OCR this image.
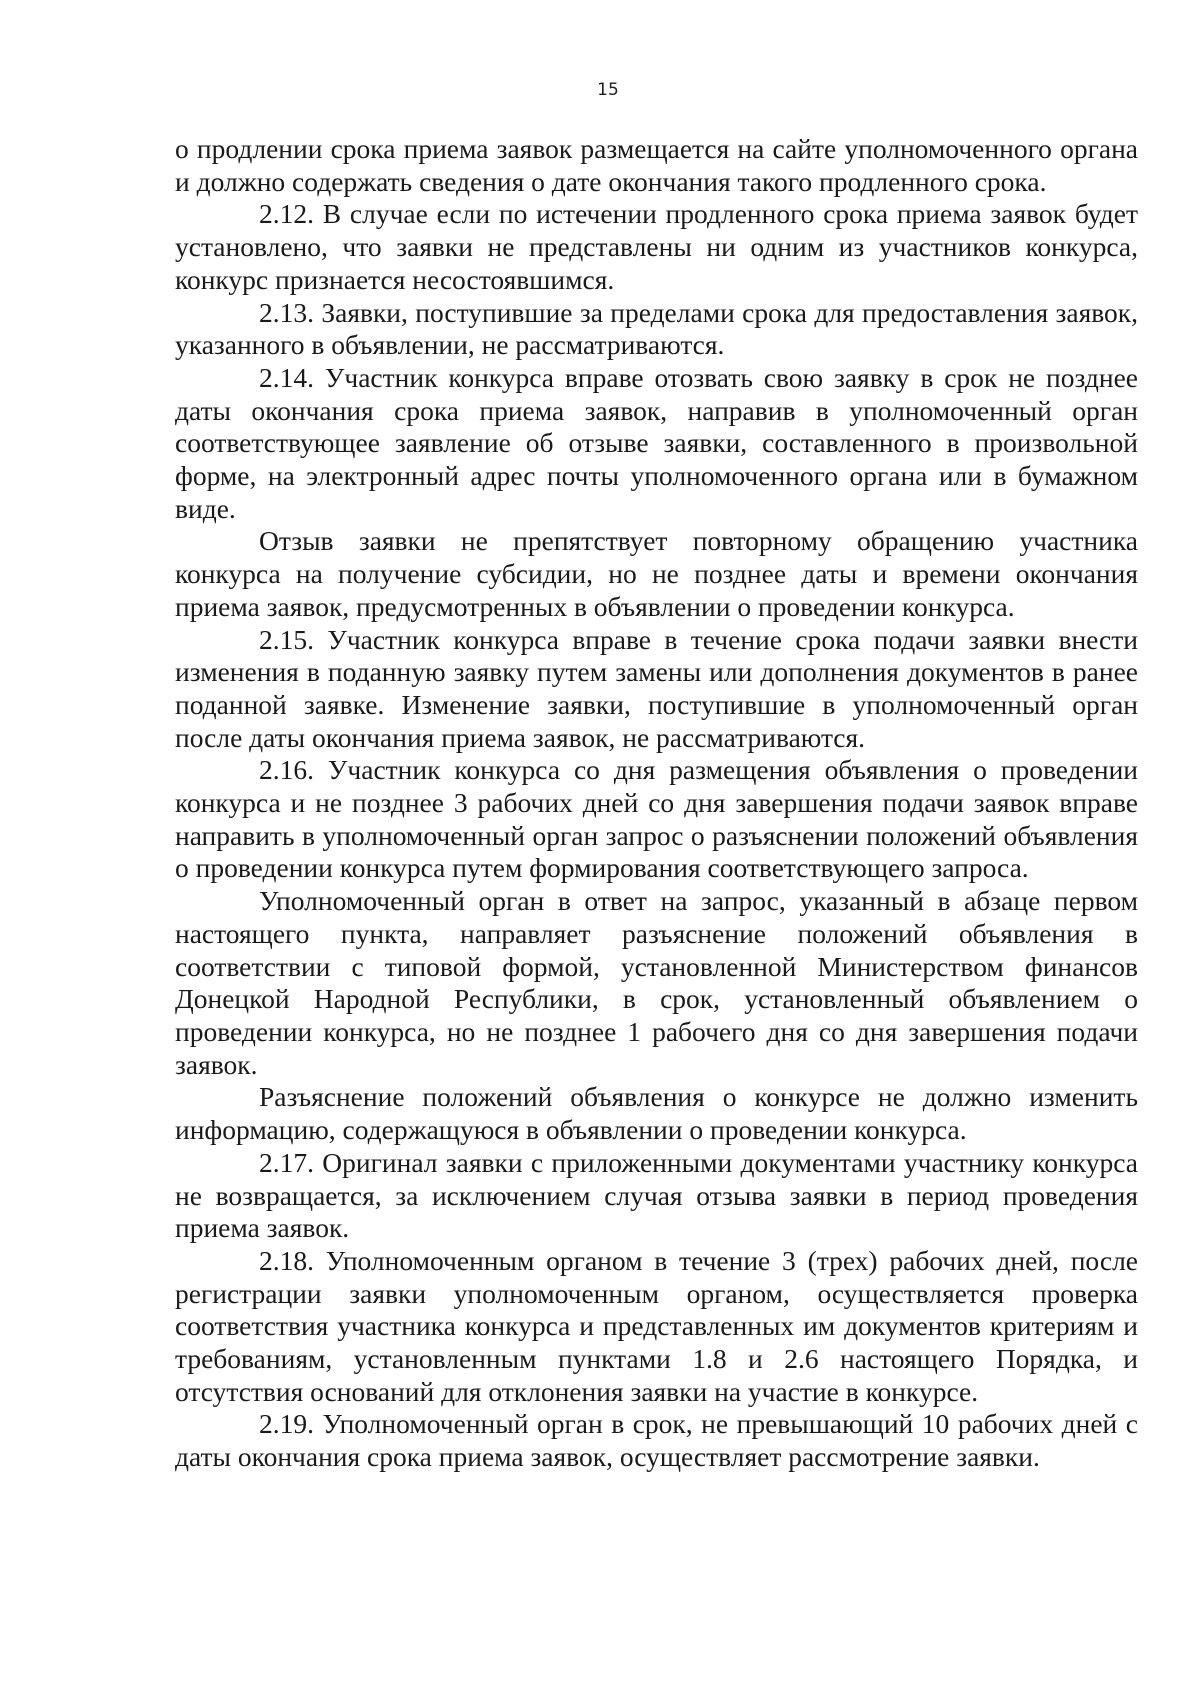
15

о продлении срока приема заявок размещается на сайте уполномоченного органа и должно содержать сведения о дате окончания такого продленного срока.

2.12. В случае если по истечении продленного срока приема заявок будет установлено, что заявки не представлены ни одним из участников конкурса, конкурс признается несостоявшимся.

2.13. Заявки, поступившие за пределами срока для предоставления заявок, указанного в объявлении, не рассматриваются.

2.14. Участник конкурса вправе отозвать свою заявку в срок не позднее даты окончания срока приема заявок, направив в уполномоченный орган соответствующее заявление об отзыве заявки, составленного в произвольной форме, на электронный адрес почты уполномоченного органа или в бумажном виде.

Отзыв заявки не препятствует повторному обращению участника конкурса на получение субсидии, но не позднее даты и времени окончания приема заявок, предусмотренных в объявлении о проведении конкурса.

2.15. Участник конкурса вправе в течение срока подачи заявки внести изменения в поданную заявку путем замены или дополнения документов в ранее поданной заявке. Изменение заявки, поступившие в уполномоченный орган после даты окончания приема заявок, не рассматриваются.

2.16. Участник конкурса со дня размещения объявления о проведении конкурса и не позднее 3 рабочих дней со дня завершения подачи заявок вправе направить в уполномоченный орган запрос о разъяснении положений объявления о проведении конкурса путем формирования соответствующего запроса.

Уполномоченный орган в ответ на запрос, указанный в абзаце первом настоящего пункта, направляет разъяснение положений объявления в соответствии с типовой формой, установленной Министерством финансов Донецкой Народной Республики, в срок, установленный объявлением о проведении конкурса, но не позднее 1 рабочего дня со дня завершения подачи заявок.

Разъяснение положений объявления о конкурсе не должно изменить информацию, содержащуюся в объявлении о проведении конкурса.

2.17. Оригинал заявки с приложенными документами участнику конкурса не возвращается, за исключением случая отзыва заявки в период проведения приема заявок.

2.18. Уполномоченным органом в течение 3 (трех) рабочих дней, после регистрации заявки уполномоченным органом, осуществляется проверка соответствия участника конкурса и представленных им документов критериям и требованиям, установленным пунктами 1.8 и 2.6 настоящего Порядка, и отсутствия оснований для отклонения заявки на участие в конкурсе.

2.19. Уполномоченный орган в срок, не превышающий 10 рабочих дней с даты окончания срока приема заявок, осуществляет рассмотрение заявки.
